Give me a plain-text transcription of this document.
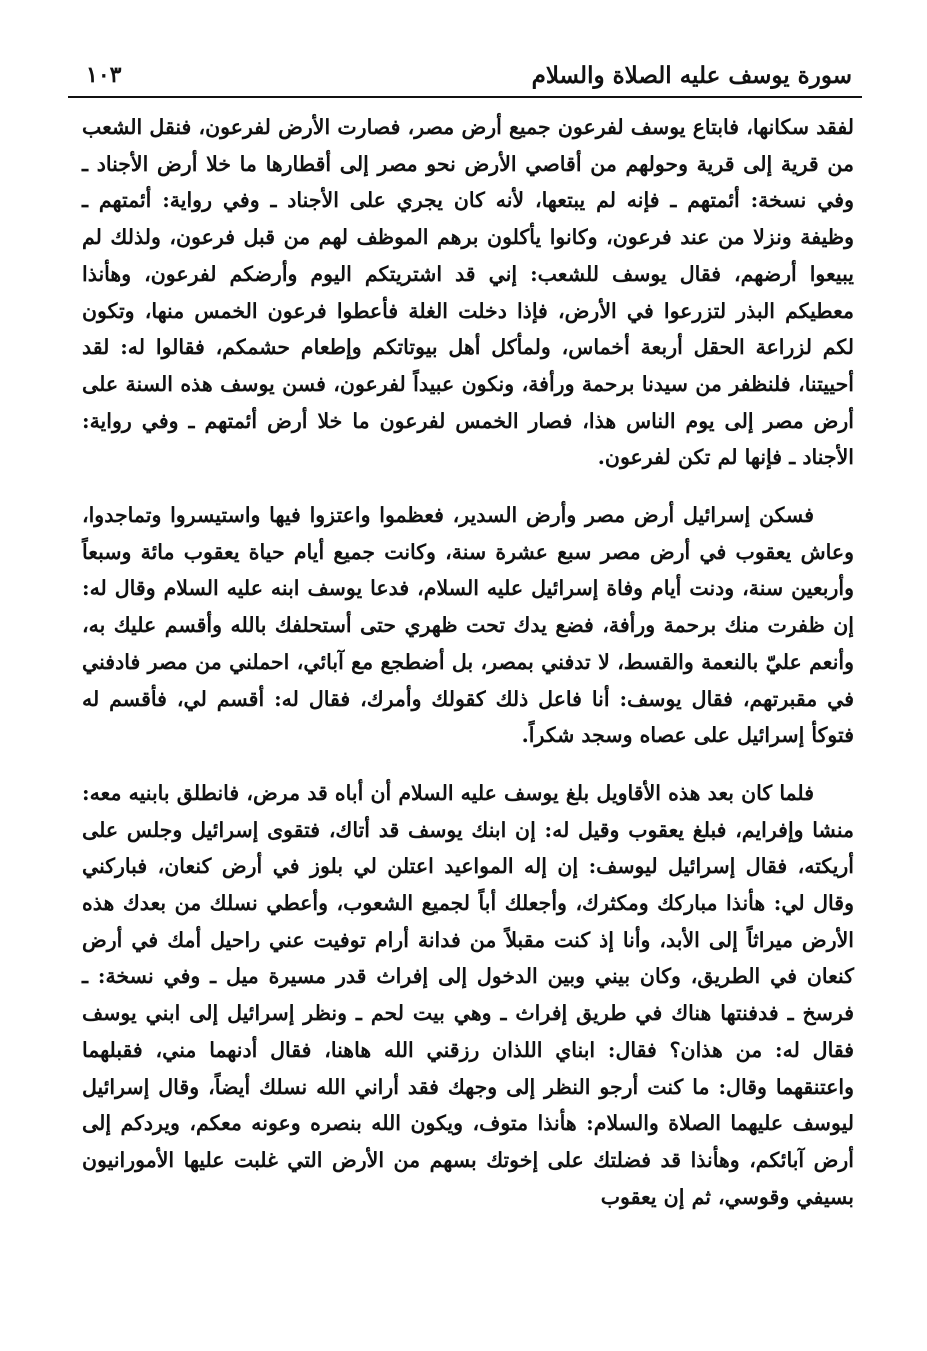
سورة يوسف عليه الصلاة والسلام
١٠٣

لفقد سكانها، فابتاع يوسف لفرعون جميع أرض مصر، فصارت الأرض لفرعون، فنقل الشعب من قرية إلى قرية وحولهم من أقاصي الأرض نحو مصر إلى أقطارها ما خلا أرض الأجناد ـ وفي نسخة: أئمتهم ـ فإنه لم يبتعها، لأنه كان يجري على الأجناد ـ وفي رواية: أئمتهم ـ وظيفة ونزلا من عند فرعون، وكانوا يأكلون برهم الموظف لهم من قبل فرعون، ولذلك لم يبيعوا أرضهم، فقال يوسف للشعب: إني قد اشتريتكم اليوم وأرضكم لفرعون، وهأنذا معطيكم البذر لتزرعوا في الأرض، فإذا دخلت الغلة فأعطوا فرعون الخمس منها، وتكون لكم لزراعة الحقل أربعة أخماس، ولمأكل أهل بيوتاتكم وإطعام حشمكم، فقالوا له: لقد أحييتنا، فلنظفر من سيدنا برحمة ورأفة، ونكون عبيداً لفرعون، فسن يوسف هذه السنة على أرض مصر إلى يوم الناس هذا، فصار الخمس لفرعون ما خلا أرض أئمتهم ـ وفي رواية: الأجناد ـ فإنها لم تكن لفرعون.

فسكن إسرائيل أرض مصر وأرض السدير، فعظموا واعتزوا فيها واستيسروا وتماجدوا، وعاش يعقوب في أرض مصر سبع عشرة سنة، وكانت جميع أيام حياة يعقوب مائة وسبعاً وأربعين سنة، ودنت أيام وفاة إسرائيل عليه السلام، فدعا يوسف ابنه عليه السلام وقال له: إن ظفرت منك برحمة ورأفة، فضع يدك تحت ظهري حتى أستحلفك بالله وأقسم عليك به، وأنعم عليّ بالنعمة والقسط، لا تدفني بمصر، بل أضطجع مع آبائي، احملني من مصر فادفني في مقبرتهم، فقال يوسف: أنا فاعل ذلك كقولك وأمرك، فقال له: أقسم لي، فأقسم له فتوكأ إسرائيل على عصاه وسجد شكراً.

فلما كان بعد هذه الأقاويل بلغ يوسف عليه السلام أن أباه قد مرض، فانطلق بابنيه معه: منشا وإفرايم، فبلغ يعقوب وقيل له: إن ابنك يوسف قد أتاك، فتقوى إسرائيل وجلس على أريكته، فقال إسرائيل ليوسف: إن إله المواعيد اعتلن لي بلوز في أرض كنعان، فباركني وقال لي: هأنذا مباركك ومكثرك، وأجعلك أباً لجميع الشعوب، وأعطي نسلك من بعدك هذه الأرض ميراثاً إلى الأبد، وأنا إذ كنت مقبلاً من فدانة أرام توفيت عني راحيل أمك في أرض كنعان في الطريق، وكان بيني وبين الدخول إلى إفراث قدر مسيرة ميل ـ وفي نسخة: ـ فرسخ ـ فدفنتها هناك في طريق إفراث ـ وهي بيت لحم ـ ونظر إسرائيل إلى ابني يوسف فقال له: من هذان؟ فقال: ابناي اللذان رزقني الله هاهنا، فقال أدنهما مني، فقبلهما واعتنقهما وقال: ما كنت أرجو النظر إلى وجهك فقد أراني الله نسلك أيضاً، وقال إسرائيل ليوسف عليهما الصلاة والسلام: هأنذا متوف، ويكون الله بنصره وعونه معكم، ويردكم إلى أرض آبائكم، وهأنذا قد فضلتك على إخوتك بسهم من الأرض التي غلبت عليها الأمورانيون بسيفي وقوسي، ثم إن يعقوب
